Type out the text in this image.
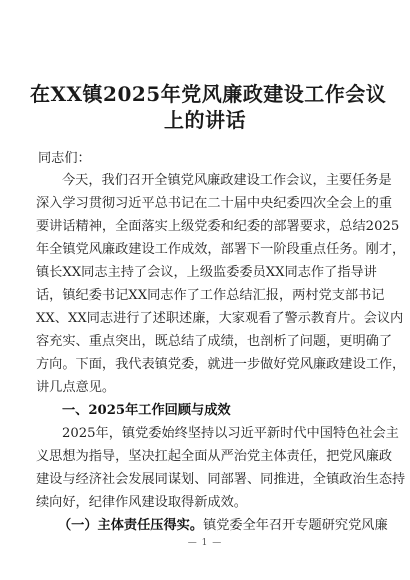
在XX镇2025年党风廉政建设工作会议
上的讲话
同志们：
今天，我们召开全镇党风廉政建设工作会议，主要任务是
深入学习贯彻习近平总书记在二十届中央纪委四次全会上的重
要讲话精神，全面落实上级党委和纪委的部署要求，总结2025
年全镇党风廉政建设工作成效，部署下一阶段重点任务。刚才，
镇长XX同志主持了会议，上级监委委员XX同志作了指导讲
话，镇纪委书记XX同志作了工作总结汇报，两村党支部书记
XX、XX同志进行了述职述廉，大家观看了警示教育片。会议内
容充实、重点突出，既总结了成绩，也剖析了问题，更明确了
方向。下面，我代表镇党委，就进一步做好党风廉政建设工作，
讲几点意见。
一、2025年工作回顾与成效
2025年，镇党委始终坚持以习近平新时代中国特色社会主
义思想为指导，坚决扛起全面从严治党主体责任，把党风廉政
建设与经济社会发展同谋划、同部署、同推进，全镇政治生态持
续向好，纪律作风建设取得新成效。
（一）主体责任压得实。镇党委全年召开专题研究党风廉
— 1 —
